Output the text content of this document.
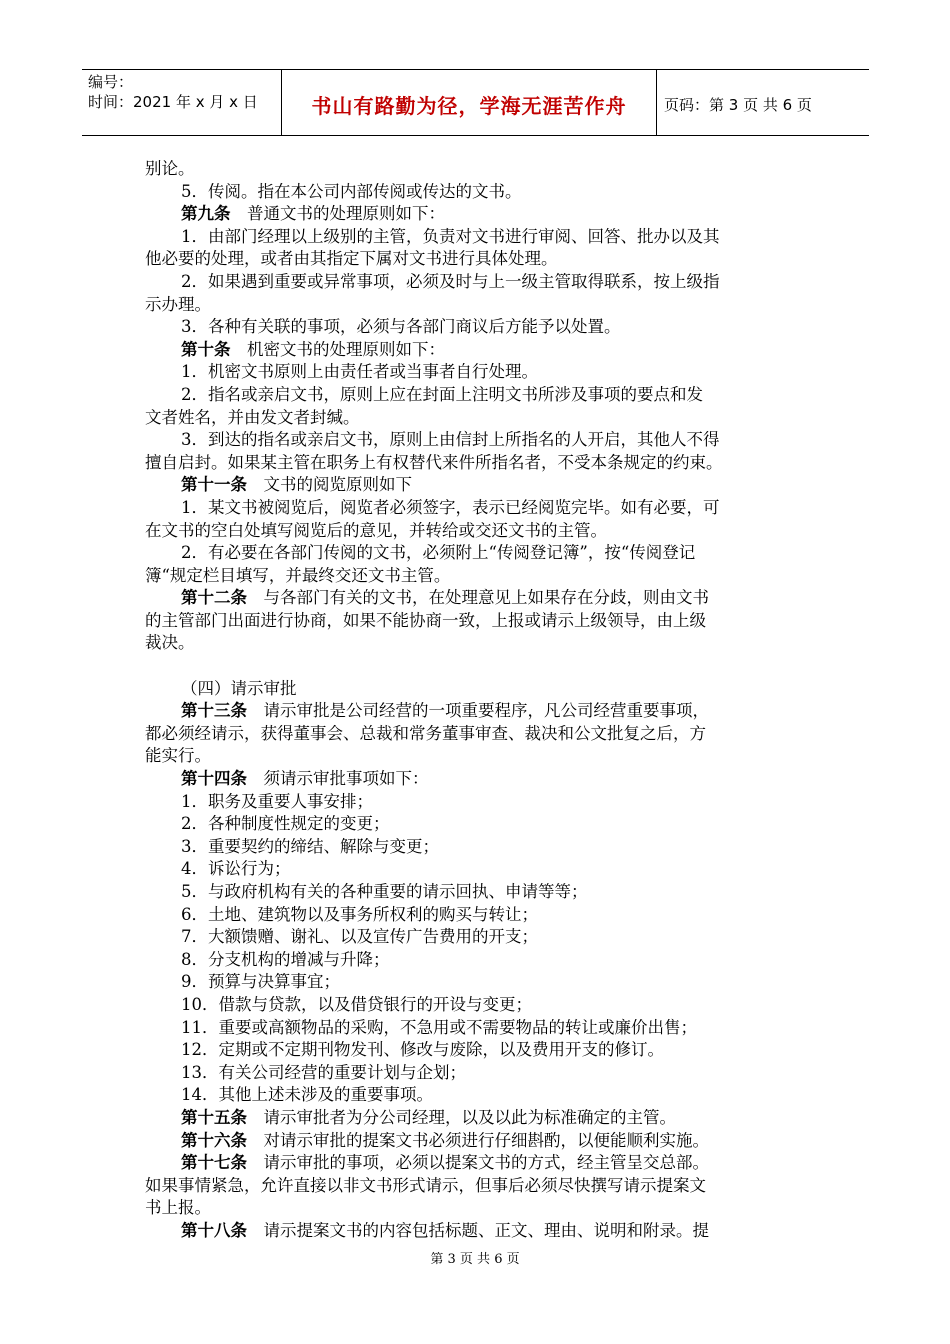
编号：
时间：2021 年 x 月 x 日	书山有路勤为径，学海无涯苦作舟	页码：第 3 页 共 6 页
别论。
5．传阅。指在本公司内部传阅或传达的文书。
第九条　普通文书的处理原则如下：
1．由部门经理以上级别的主管，负责对文书进行审阅、回答、批办以及其
他必要的处理，或者由其指定下属对文书进行具体处理。
2．如果遇到重要或异常事项，必须及时与上一级主管取得联系，按上级指
示办理。
3．各种有关联的事项，必须与各部门商议后方能予以处置。
第十条　机密文书的处理原则如下：
1．机密文书原则上由责任者或当事者自行处理。
2．指名或亲启文书，原则上应在封面上注明文书所涉及事项的要点和发
文者姓名，并由发文者封缄。
3．到达的指名或亲启文书，原则上由信封上所指名的人开启，其他人不得
擅自启封。如果某主管在职务上有权替代来件所指名者，不受本条规定的约束。
第十一条　文书的阅览原则如下
1．某文书被阅览后，阅览者必须签字，表示已经阅览完毕。如有必要，可
在文书的空白处填写阅览后的意见，并转给或交还文书的主管。
2．有必要在各部门传阅的文书，必须附上“传阅登记簿”，按“传阅登记
簿“规定栏目填写，并最终交还文书主管。
第十二条　与各部门有关的文书，在处理意见上如果存在分歧，则由文书
的主管部门出面进行协商，如果不能协商一致，上报或请示上级领导，由上级
裁决。
（四）请示审批
第十三条　请示审批是公司经营的一项重要程序，凡公司经营重要事项，
都必须经请示，获得董事会、总裁和常务董事审查、裁决和公文批复之后，方
能实行。
第十四条　须请示审批事项如下：
1．职务及重要人事安排；
2．各种制度性规定的变更；
3．重要契约的缔结、解除与变更；
4．诉讼行为；
5．与政府机构有关的各种重要的请示回执、申请等等；
6．土地、建筑物以及事务所权利的购买与转让；
7．大额馈赠、谢礼、以及宣传广告费用的开支；
8．分支机构的增减与升降；
9．预算与决算事宜；
10．借款与贷款，以及借贷银行的开设与变更；
11．重要或高额物品的采购，不急用或不需要物品的转让或廉价出售；
12．定期或不定期刊物发刊、修改与废除，以及费用开支的修订。
13．有关公司经营的重要计划与企划；
14．其他上述未涉及的重要事项。
第十五条　请示审批者为分公司经理，以及以此为标准确定的主管。
第十六条　对请示审批的提案文书必须进行仔细斟酌，以便能顺利实施。
第十七条　请示审批的事项，必须以提案文书的方式，经主管呈交总部。
如果事情紧急，允许直接以非文书形式请示，但事后必须尽快撰写请示提案文
书上报。
第十八条　请示提案文书的内容包括标题、正文、理由、说明和附录。提
第 3 页 共 6 页
